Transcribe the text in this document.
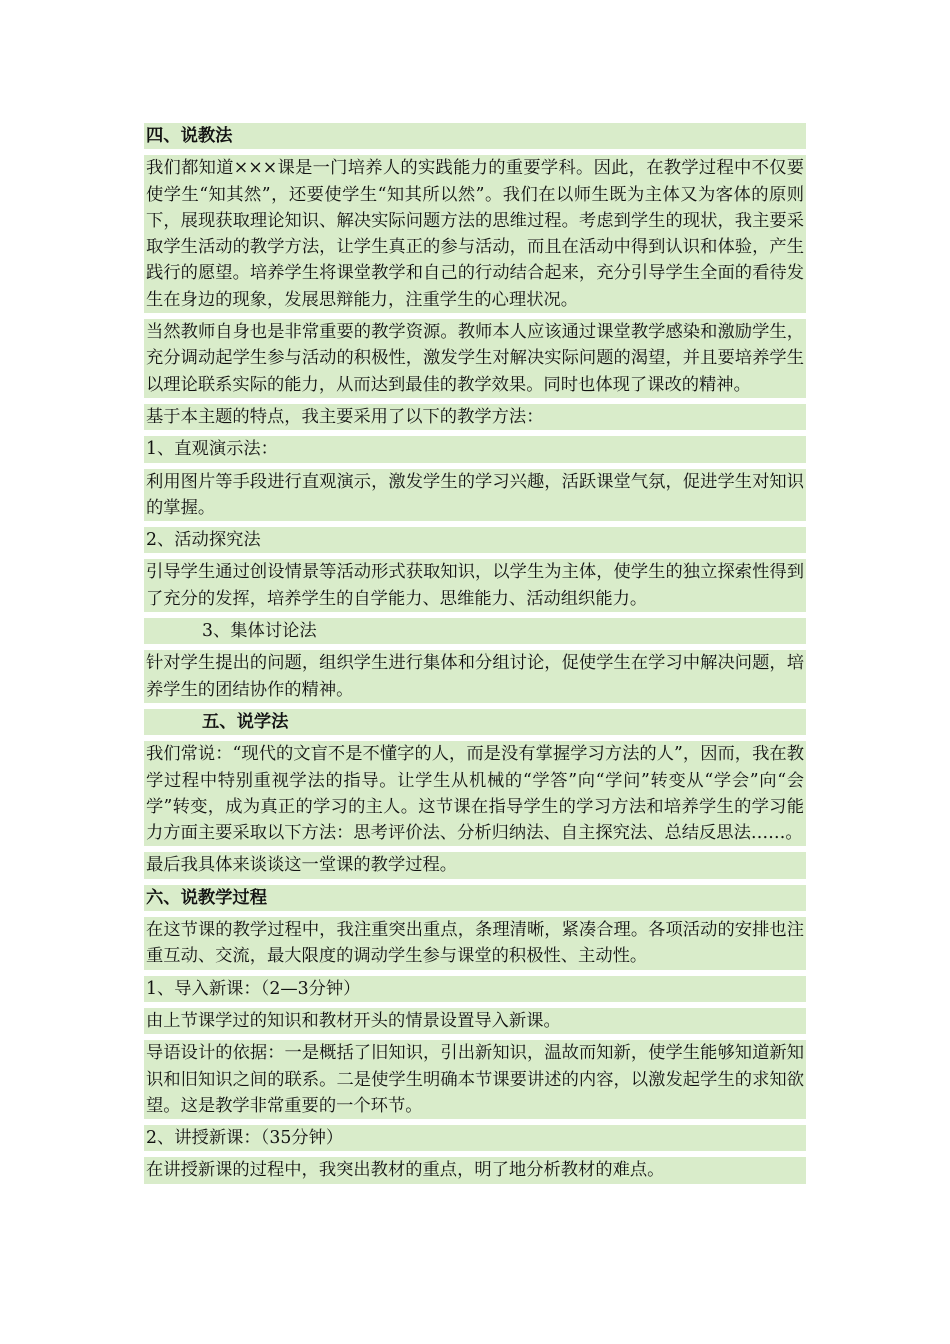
四、说教法

我们都知道×××课是一门培养人的实践能力的重要学科。因此，在教学过程中不仅要使学生“知其然”，还要使学生“知其所以然”。我们在以师生既为主体又为客体的原则下，展现获取理论知识、解决实际问题方法的思维过程。考虑到学生的现状，我主要采取学生活动的教学方法，让学生真正的参与活动，而且在活动中得到认识和体验，产生践行的愿望。培养学生将课堂教学和自己的行动结合起来，充分引导学生全面的看待发生在身边的现象，发展思辩能力，注重学生的心理状况。

当然教师自身也是非常重要的教学资源。教师本人应该通过课堂教学感染和激励学生，充分调动起学生参与活动的积极性，激发学生对解决实际问题的渴望，并且要培养学生以理论联系实际的能力，从而达到最佳的教学效果。同时也体现了课改的精神。

基于本主题的特点，我主要采用了以下的教学方法：

1、直观演示法：

利用图片等手段进行直观演示，激发学生的学习兴趣，活跃课堂气氛，促进学生对知识的掌握。

2、活动探究法

引导学生通过创设情景等活动形式获取知识，以学生为主体，使学生的独立探索性得到了充分的发挥，培养学生的自学能力、思维能力、活动组织能力。

3、集体讨论法

针对学生提出的问题，组织学生进行集体和分组讨论，促使学生在学习中解决问题，培养学生的团结协作的精神。

五、说学法

我们常说：“现代的文盲不是不懂字的人，而是没有掌握学习方法的人”，因而，我在教学过程中特别重视学法的指导。让学生从机械的“学答”向“学问”转变从“学会”向“会学”转变，成为真正的学习的主人。这节课在指导学生的学习方法和培养学生的学习能力方面主要采取以下方法：思考评价法、分析归纳法、自主探究法、总结反思法……。

最后我具体来谈谈这一堂课的教学过程。

六、说教学过程

在这节课的教学过程中，我注重突出重点，条理清晰，紧凑合理。各项活动的安排也注重互动、交流，最大限度的调动学生参与课堂的积极性、主动性。

1、导入新课：（2—3分钟）

由上节课学过的知识和教材开头的情景设置导入新课。

导语设计的依据：一是概括了旧知识，引出新知识，温故而知新，使学生能够知道新知识和旧知识之间的联系。二是使学生明确本节课要讲述的内容，以激发起学生的求知欲望。这是教学非常重要的一个环节。

2、讲授新课：（35分钟）

在讲授新课的过程中，我突出教材的重点，明了地分析教材的难点。
